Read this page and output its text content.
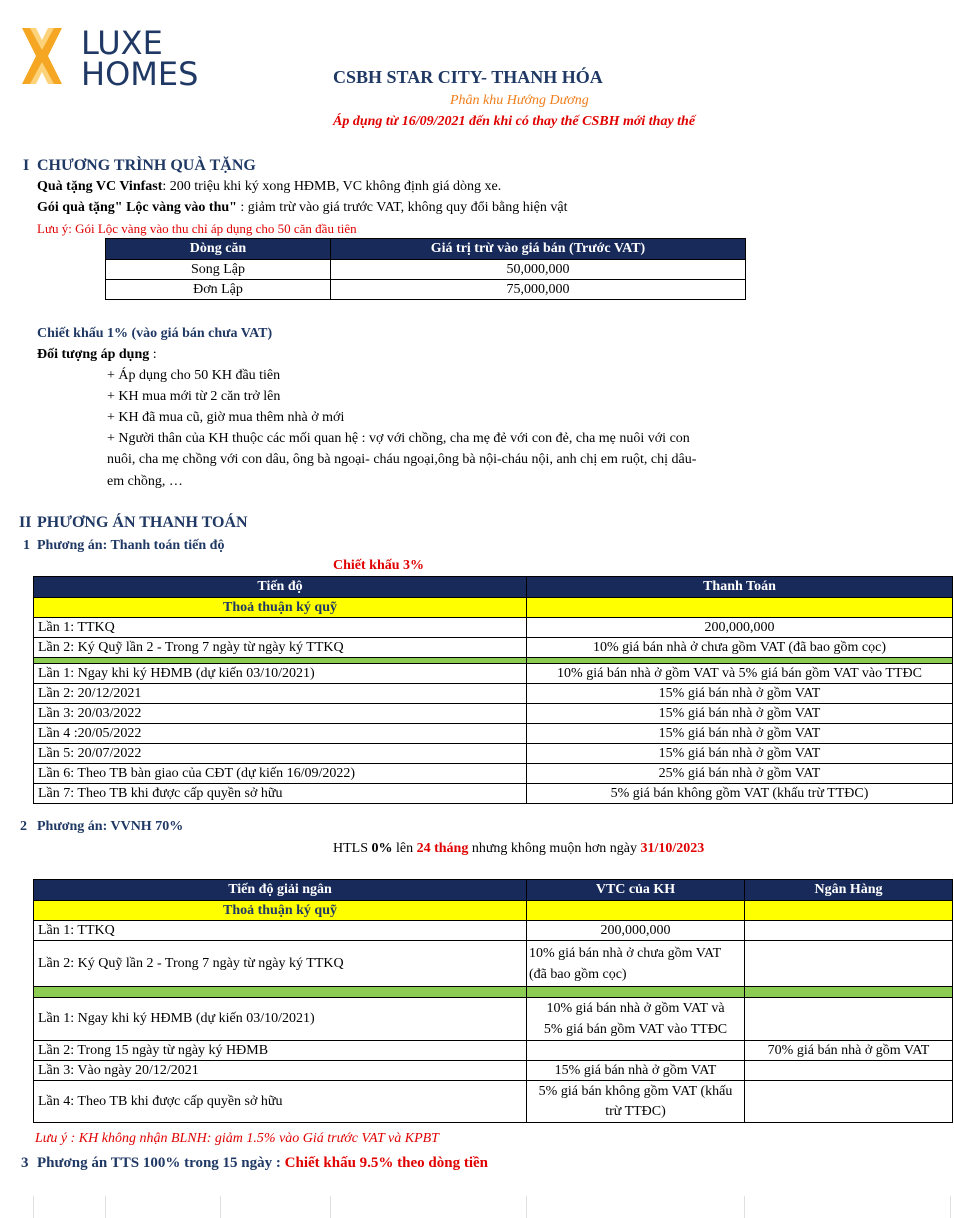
LUXE
HOMES	CSBH STAR CITY- THANH HÓA
Phân khu Hướng Dương
Áp dụng từ 16/09/2021 đến khi có thay thế CSBH mới thay thế
I CHƯƠNG TRÌNH QUÀ TẶNG
Quà tặng VC Vinfast: 200 triệu khi ký xong HĐMB, VC không định giá dòng xe.
Gói quà tặng" Lộc vàng vào thu" : giảm trừ vào giá trước VAT, không quy đổi bằng hiện vật
Lưu ý: Gói Lộc vàng vào thu chỉ áp dụng cho 50 căn đầu tiên
Dòng căn	Giá trị trừ vào giá bán (Trước VAT)
Song Lập	50,000,000
Đơn Lập	75,000,000
Chiết khấu 1% (vào giá bán chưa VAT)
Đối tượng áp dụng :
+ Áp dụng cho 50 KH đầu tiên
+ KH mua mới từ 2 căn trở lên
+ KH đã mua cũ, giờ mua thêm nhà ở mới
+ Người thân của KH thuộc các mối quan hệ : vợ với chồng, cha mẹ đẻ với con đẻ, cha mẹ nuôi với con
nuôi, cha mẹ chồng với con dâu, ông bà ngoại- cháu ngoại,ông bà nội-cháu nội, anh chị em ruột, chị dâu-
em chồng, …
II PHƯƠNG ÁN THANH TOÁN
1 Phương án: Thanh toán tiến độ
Chiết khấu 3%
Tiến độ	Thanh Toán
Thoả thuận ký quỹ	
Lần 1: TTKQ	200,000,000
Lần 2: Ký Quỹ lần 2 - Trong 7 ngày từ ngày ký TTKQ	10% giá bán nhà ở chưa gồm VAT (đã bao gồm cọc)

Lần 1: Ngay khi ký HĐMB (dự kiến 03/10/2021)	10% giá bán nhà ở gồm VAT và 5% giá bán gồm VAT vào TTĐC
Lần 2: 20/12/2021	15% giá bán nhà ở gồm VAT
Lần 3: 20/03/2022	15% giá bán nhà ở gồm VAT
Lần 4 :20/05/2022	15% giá bán nhà ở gồm VAT
Lần 5: 20/07/2022	15% giá bán nhà ở gồm VAT
Lần 6: Theo TB bàn giao của CĐT (dự kiến 16/09/2022)	25% giá bán nhà ở gồm VAT
Lần 7: Theo TB khi được cấp quyền sở hữu	5% giá bán không gồm VAT (khấu trừ TTĐC)
2 Phương án: VVNH 70%
HTLS 0% lên 24 tháng nhưng không muộn hơn ngày 31/10/2023
Tiến độ giải ngân	VTC của KH	Ngân Hàng
Thoả thuận ký quỹ		
Lần 1: TTKQ	200,000,000	
Lần 2: Ký Quỹ lần 2 - Trong 7 ngày từ ngày ký TTKQ	10% giá bán nhà ở chưa gồm VAT
(đã bao gồm cọc)	

Lần 1: Ngay khi ký HĐMB (dự kiến 03/10/2021)	10% giá bán nhà ở gồm VAT và
5% giá bán gồm VAT vào TTĐC	

Lần 2: Trong 15 ngày từ ngày ký HĐMB		70% giá bán nhà ở gồm VAT
Lần 3: Vào ngày 20/12/2021	15% giá bán nhà ở gồm VAT	
Lần 4: Theo TB khi được cấp quyền sở hữu	5% giá bán không gồm VAT (khấu
trừ TTĐC)	

Lưu ý : KH không nhận BLNH: giảm 1.5% vào Giá trước VAT và KPBT
3 Phương án TTS 100% trong 15 ngày : Chiết khấu 9.5% theo dòng tiền
